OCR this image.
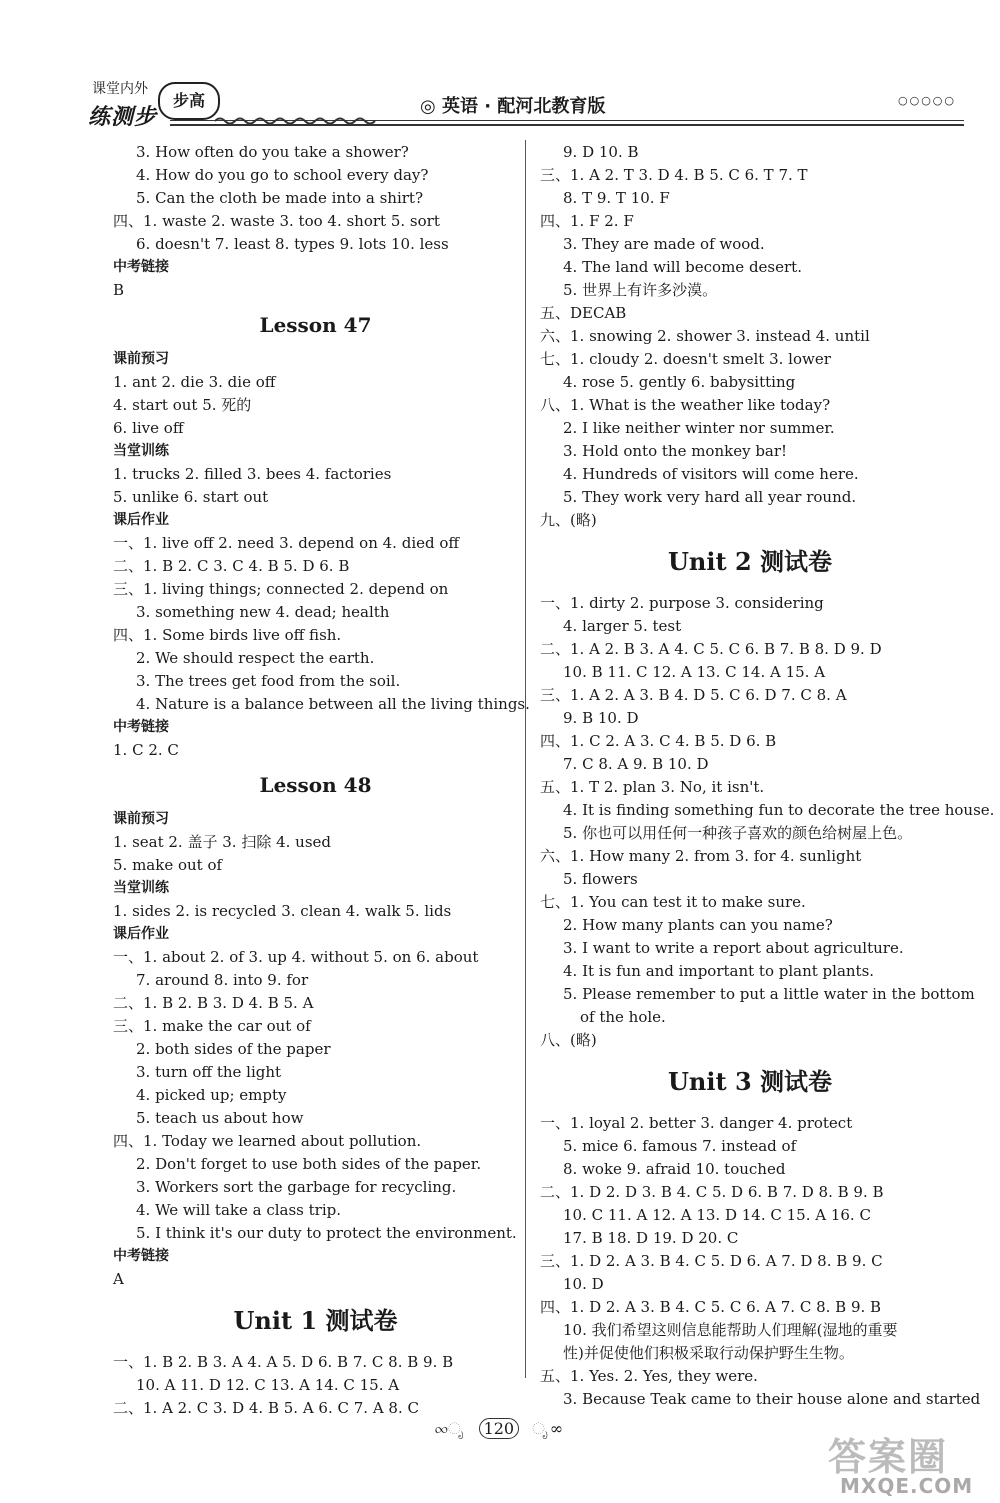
课堂内外
练测步
步高	◎ 英语 · 配河北教育版	○○○○○
3. How often do you take a shower?
4. How do you go to school every day?
5. Can the cloth be made into a shirt?
四、1. waste 2. waste 3. too 4. short 5. sort
6. doesn't 7. least 8. types 9. lots 10. less
中考链接
B
Lesson 47
课前预习
1. ant 2. die 3. die off
4. start out 5. 死的
6. live off
当堂训练
1. trucks 2. filled 3. bees 4. factories
5. unlike 6. start out
课后作业
一、1. live off 2. need 3. depend on 4. died off
二、1. B 2. C 3. C 4. B 5. D 6. B
三、1. living things; connected 2. depend on
3. something new 4. dead; health
四、1. Some birds live off fish.
2. We should respect the earth.
3. The trees get food from the soil.
4. Nature is a balance between all the living things.
中考链接
1. C 2. C
Lesson 48
课前预习
1. seat 2. 盖子 3. 扫除 4. used
5. make out of
当堂训练
1. sides 2. is recycled 3. clean 4. walk 5. lids
课后作业
一、1. about 2. of 3. up 4. without 5. on 6. about
7. around 8. into 9. for
二、1. B 2. B 3. D 4. B 5. A
三、1. make the car out of
2. both sides of the paper
3. turn off the light
4. picked up; empty
5. teach us about how
四、1. Today we learned about pollution.
2. Don't forget to use both sides of the paper.
3. Workers sort the garbage for recycling.
4. We will take a class trip.
5. I think it's our duty to protect the environment.
中考链接
A
Unit 1 测试卷
一、1. B 2. B 3. A 4. A 5. D 6. B 7. C 8. B 9. B
10. A 11. D 12. C 13. A 14. C 15. A
二、1. A 2. C 3. D 4. B 5. A 6. C 7. A 8. C
9. D 10. B
三、1. A 2. T 3. D 4. B 5. C 6. T 7. T
8. T 9. T 10. F
四、1. F 2. F
3. They are made of wood.
4. The land will become desert.
5. 世界上有许多沙漠。
五、DECAB
六、1. snowing 2. shower 3. instead 4. until
七、1. cloudy 2. doesn't smelt 3. lower
4. rose 5. gently 6. babysitting
八、1. What is the weather like today?
2. I like neither winter nor summer.
3. Hold onto the monkey bar!
4. Hundreds of visitors will come here.
5. They work very hard all year round.
九、(略)
Unit 2 测试卷
一、1. dirty 2. purpose 3. considering
4. larger 5. test
二、1. A 2. B 3. A 4. C 5. C 6. B 7. B 8. D 9. D
10. B 11. C 12. A 13. C 14. A 15. A
三、1. A 2. A 3. B 4. D 5. C 6. D 7. C 8. A
9. B 10. D
四、1. C 2. A 3. C 4. B 5. D 6. B
7. C 8. A 9. B 10. D
五、1. T 2. plan 3. No, it isn't.
4. It is finding something fun to decorate the tree house.
5. 你也可以用任何一种孩子喜欢的颜色给树屋上色。
六、1. How many 2. from 3. for 4. sunlight
5. flowers
七、1. You can test it to make sure.
2. How many plants can you name?
3. I want to write a report about agriculture.
4. It is fun and important to plant plants.
5. Please remember to put a little water in the bottom
of the hole.
八、(略)
Unit 3 测试卷
一、1. loyal 2. better 3. danger 4. protect
5. mice 6. famous 7. instead of
8. woke 9. afraid 10. touched
二、1. D 2. D 3. B 4. C 5. D 6. B 7. D 8. B 9. B
10. C 11. A 12. A 13. D 14. C 15. A 16. C
17. B 18. D 19. D 20. C
三、1. D 2. A 3. B 4. C 5. D 6. A 7. D 8. B 9. C
10. D
四、1. D 2. A 3. B 4. C 5. C 6. A 7. C 8. B 9. B
10. 我们希望这则信息能帮助人们理解(湿地的重要
性)并促使他们积极采取行动保护野生生物。
五、1. Yes. 2. Yes, they were.
3. Because Teak came to their house alone and started
∞ೃ 120 ೃ∞
答案圈
MXQE.COM
